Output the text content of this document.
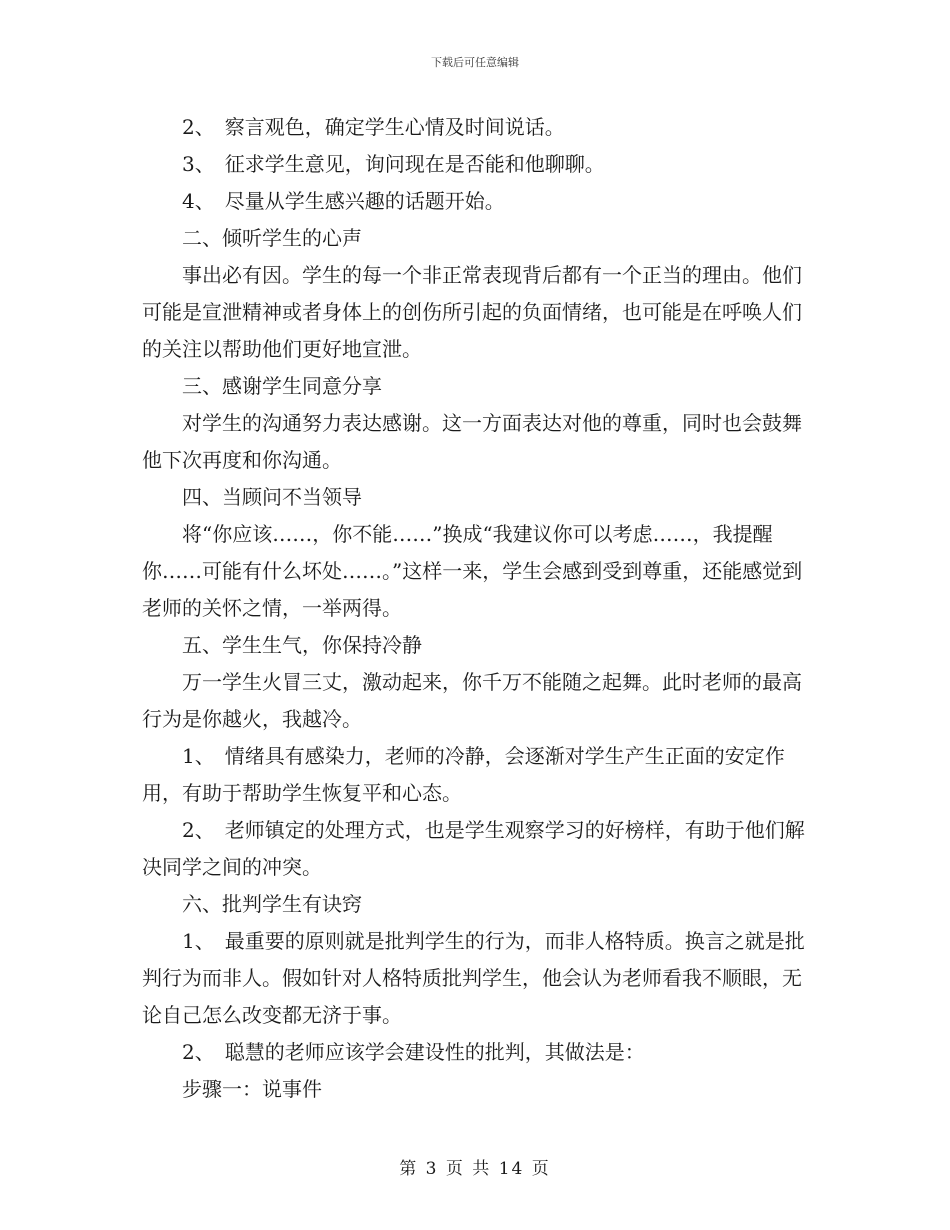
下载后可任意编辑

2、　察言观色，确定学生心情及时间说话。

3、　征求学生意见，询问现在是否能和他聊聊。

4、　尽量从学生感兴趣的话题开始。

二、倾听学生的心声

事出必有因。学生的每一个非正常表现背后都有一个正当的理由。他们可能是宣泄精神或者身体上的创伤所引起的负面情绪，也可能是在呼唤人们的关注以帮助他们更好地宣泄。

三、感谢学生同意分享

对学生的沟通努力表达感谢。这一方面表达对他的尊重，同时也会鼓舞他下次再度和你沟通。

四、当顾问不当领导

将“你应该……，你不能……”换成“我建议你可以考虑……，我提醒你……可能有什么坏处……。”这样一来，学生会感到受到尊重，还能感觉到老师的关怀之情，一举两得。

五、学生生气，你保持冷静

万一学生火冒三丈，激动起来，你千万不能随之起舞。此时老师的最高行为是你越火，我越冷。

1、　情绪具有感染力，老师的冷静，会逐渐对学生产生正面的安定作用，有助于帮助学生恢复平和心态。

2、　老师镇定的处理方式，也是学生观察学习的好榜样，有助于他们解决同学之间的冲突。

六、批判学生有诀窍

1、　最重要的原则就是批判学生的行为，而非人格特质。换言之就是批判行为而非人。假如针对人格特质批判学生，他会认为老师看我不顺眼，无论自己怎么改变都无济于事。

2、　聪慧的老师应该学会建设性的批判，其做法是：

步骤一：说事件

第 3 页 共 14 页
